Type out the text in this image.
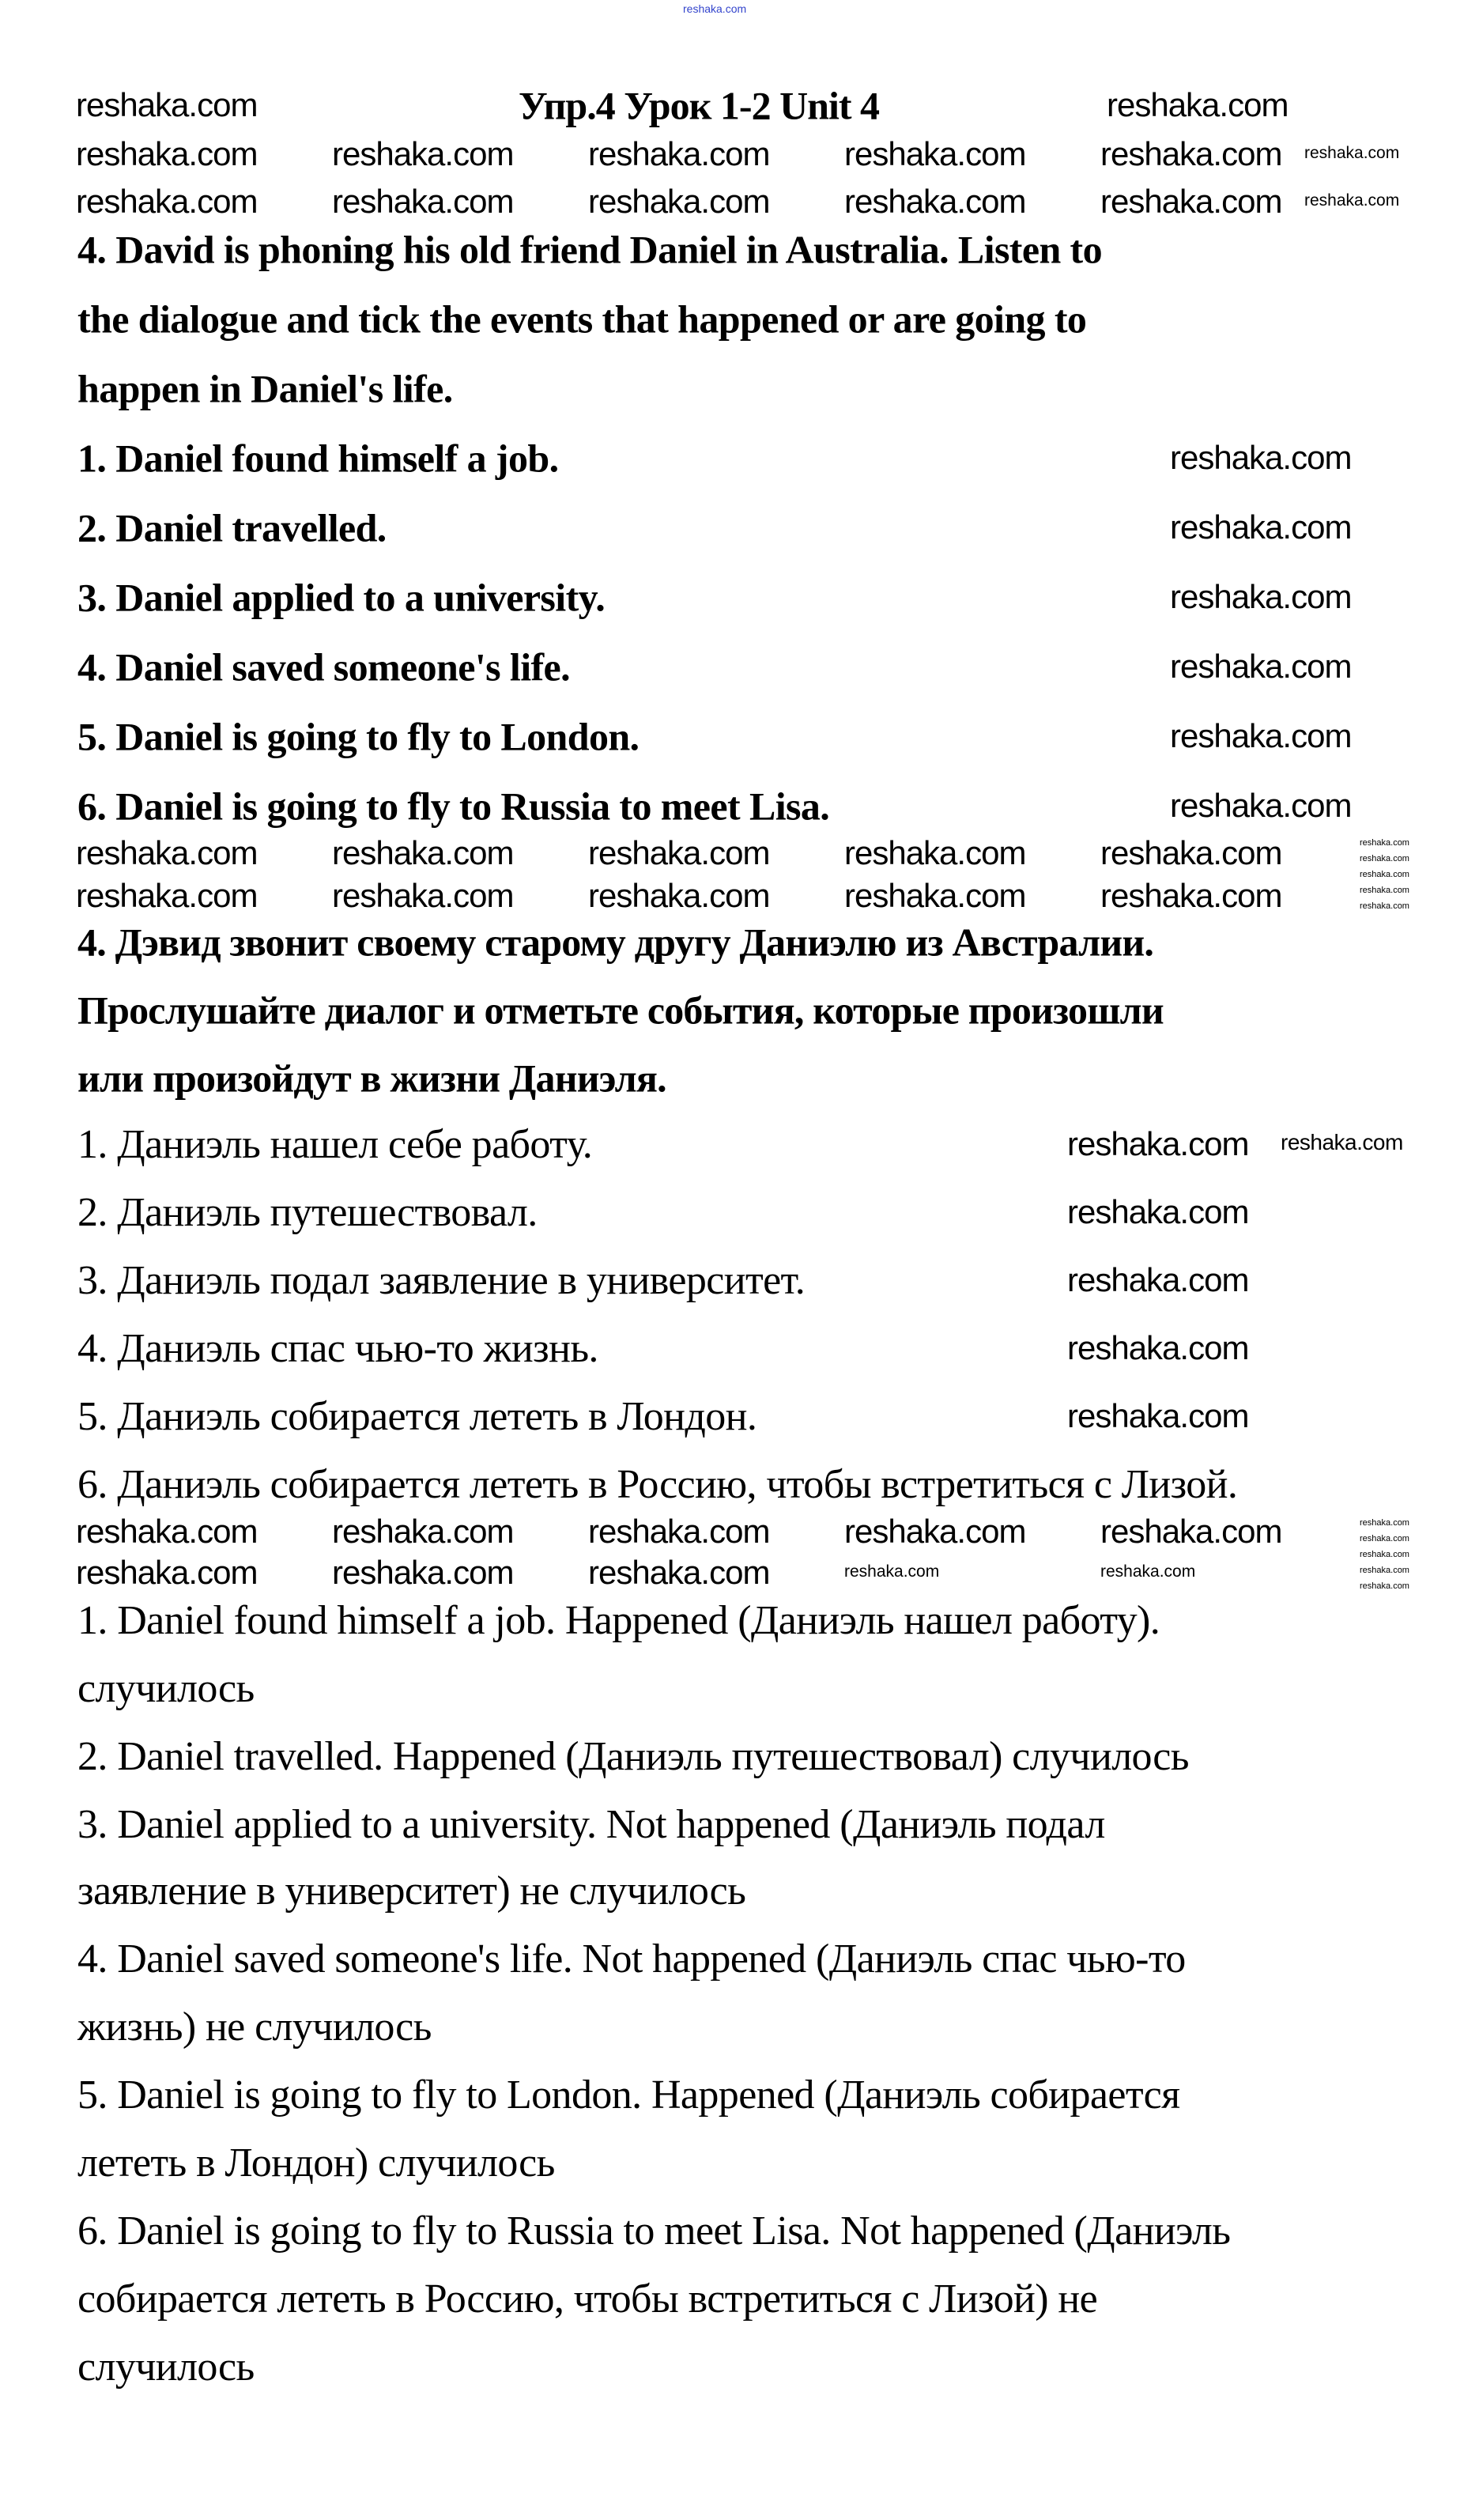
Упр.4 Урок 1-2 Unit 4
4. David is phoning his old friend Daniel in Australia. Listen to
the dialogue and tick the events that happened or are going to
happen in Daniel's life.
1. Daniel found himself a job.
2. Daniel travelled.
3. Daniel applied to a university.
4. Daniel saved someone's life.
5. Daniel is going to fly to London.
6. Daniel is going to fly to Russia to meet Lisa.
4. Дэвид звонит своему старому другу Даниэлю из Австралии.
Прослушайте диалог и отметьте события, которые произошли
или произойдут в жизни Даниэля.
1. Даниэль нашел себе работу.
2. Даниэль путешествовал.
3. Даниэль подал заявление в университет.
4. Даниэль спас чью-то жизнь.
5. Даниэль собирается лететь в Лондон.
6. Даниэль собирается лететь в Россию, чтобы встретиться с Лизой.
1. Daniel found himself a job. Happened (Даниэль нашел работу).
случилось
2. Daniel travelled. Happened (Даниэль путешествовал) случилось
3. Daniel applied to a university. Not happened (Даниэль подал
заявление в университет) не случилось
4. Daniel saved someone's life. Not happened (Даниэль спас чью-то
жизнь) не случилось
5. Daniel is going to fly to London. Happened (Даниэль собирается
лететь в Лондон) случилось
6. Daniel is going to fly to Russia to meet Lisa. Not happened (Даниэль
собирается лететь в Россию, чтобы встретиться с Лизой) не
случилось
reshaka.com
reshaka.com	reshaka.com
reshaka.com reshaka.com reshaka.com reshaka.com reshaka.com
reshaka.com reshaka.com reshaka.com reshaka.com reshaka.com
reshaka.com
reshaka.com
reshaka.com
reshaka.com
reshaka.com
reshaka.com
reshaka.com
reshaka.com
reshaka.com reshaka.com reshaka.com reshaka.com reshaka.com
reshaka.com reshaka.com reshaka.com reshaka.com reshaka.com
reshaka.com
reshaka.com
reshaka.com
reshaka.com
reshaka.com
reshaka.com
reshaka.com
reshaka.com
reshaka.com
reshaka.com
reshaka.com
reshaka.com reshaka.com reshaka.com reshaka.com reshaka.com
reshaka.com reshaka.com reshaka.com	reshaka.com	reshaka.com
reshaka.com
reshaka.com
reshaka.com
reshaka.com
reshaka.com
